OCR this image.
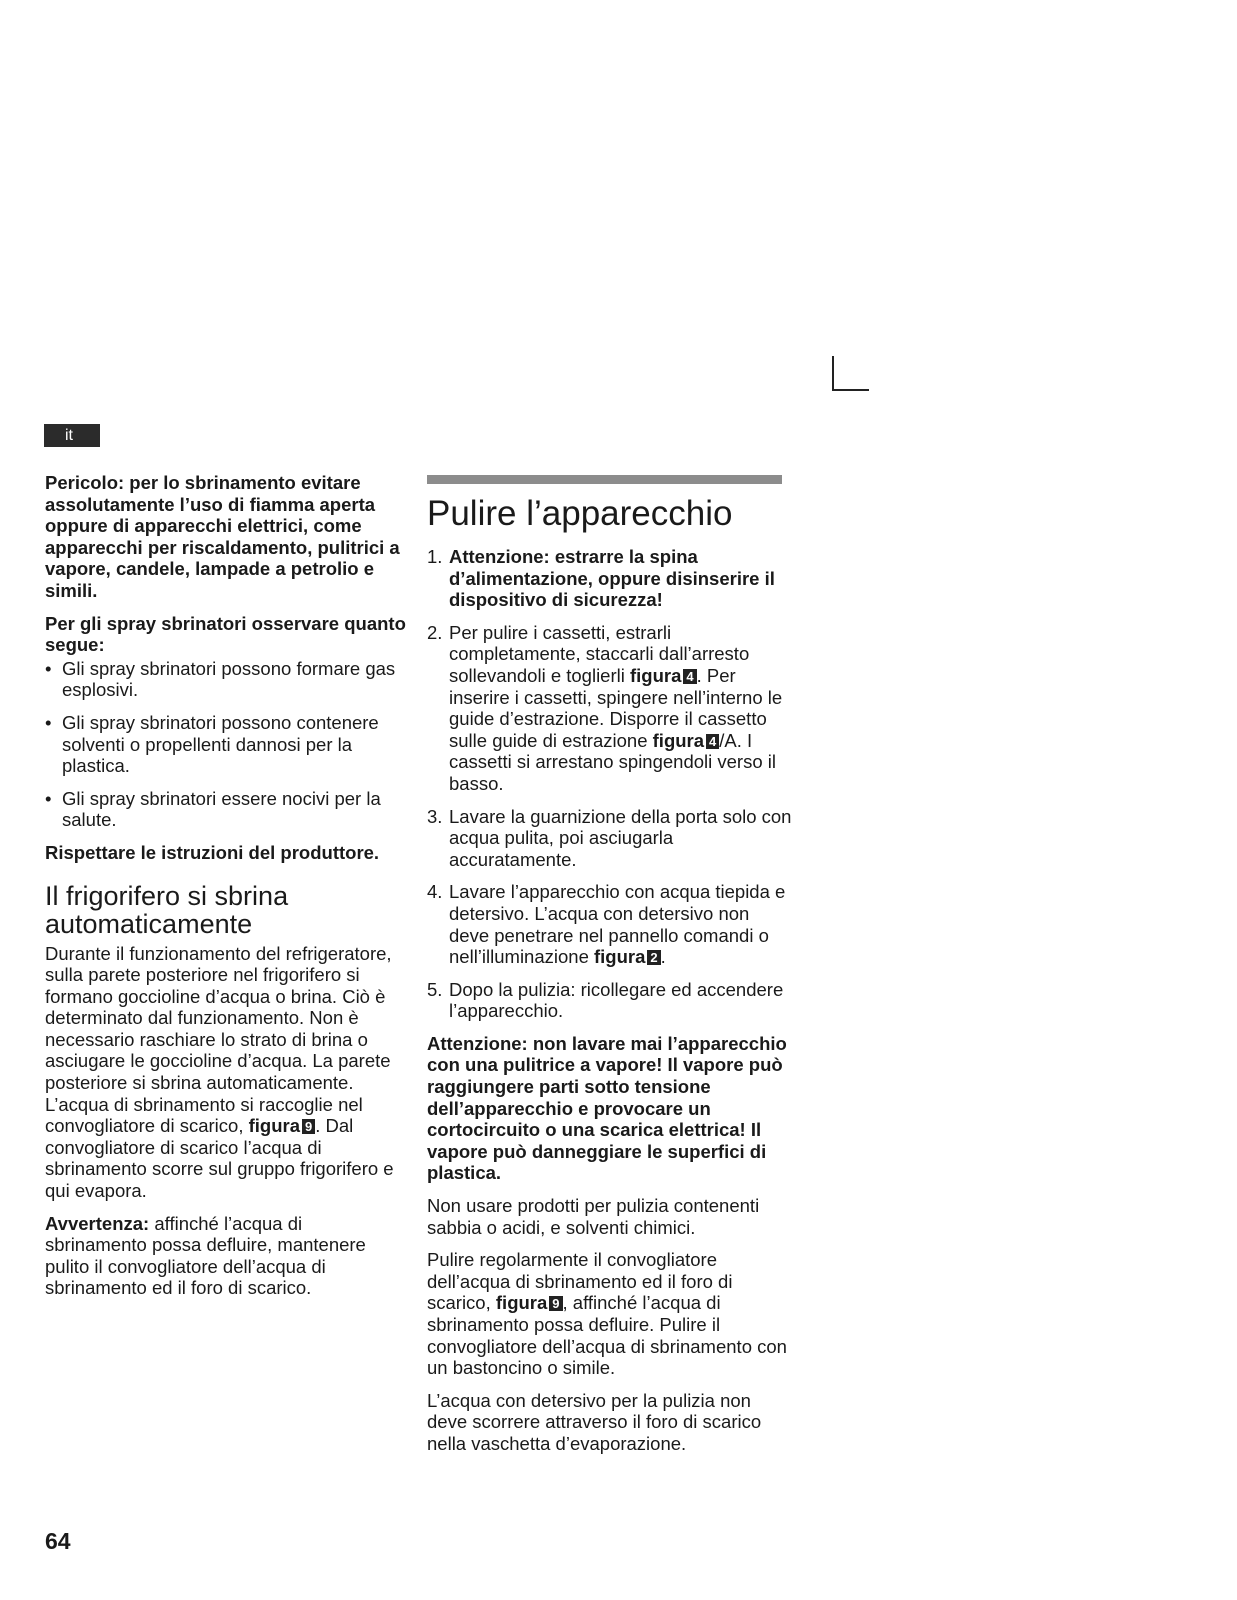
it

Pericolo: per lo sbrinamento evitare assolutamente l’uso di fiamma aperta oppure di apparecchi elettrici, come apparecchi per riscaldamento, pulitrici a vapore, candele, lampade a petrolio e simili.

Per gli spray sbrinatori osservare quanto segue:

• Gli spray sbrinatori possono formare gas esplosivi.
• Gli spray sbrinatori possono contenere solventi o propellenti dannosi per la plastica.
• Gli spray sbrinatori essere nocivi per la salute.

Rispettare le istruzioni del produttore.

Il frigorifero si sbrina automaticamente

Durante il funzionamento del refrigeratore, sulla parete posteriore nel frigorifero si formano goccioline d’acqua o brina. Ciò è determinato dal funzionamento. Non è necessario raschiare lo strato di brina o asciugare le goccioline d’acqua. La parete posteriore si sbrina automaticamente. L’acqua di sbrinamento si raccoglie nel convogliatore di scarico, figura 9 . Dal convogliatore di scarico l’acqua di sbrinamento scorre sul gruppo frigorifero e qui evapora.

Avvertenza: affinché l’acqua di sbrinamento possa defluire, mantenere pulito il convogliatore dell’acqua di sbrinamento ed il foro di scarico.

Pulire l’apparecchio
1. Attenzione: estrarre la spina d’alimentazione, oppure disinserire il dispositivo di sicurezza!
2. Per pulire i cassetti, estrarli completamente, staccarli dall’arresto sollevandoli e toglierli figura 4 . Per inserire i cassetti, spingere nell’interno le guide d’estrazione. Disporre il cassetto sulle guide di estrazione figura 4 /A. I cassetti si arrestano spingendoli verso il basso.
3. Lavare la guarnizione della porta solo con acqua pulita, poi asciugarla accuratamente.
4. Lavare l’apparecchio con acqua tiepida e detersivo. L’acqua con detersivo non deve penetrare nel pannello comandi o nell’illuminazione figura 2 .
5. Dopo la pulizia: ricollegare ed accendere l’apparecchio.

Attenzione: non lavare mai l’apparecchio con una pulitrice a vapore! Il vapore può raggiungere parti sotto tensione dell’apparecchio e provocare un cortocircuito o una scarica elettrica! Il vapore può danneggiare le superfici di plastica.

Non usare prodotti per pulizia contenenti sabbia o acidi, e solventi chimici.

Pulire regolarmente il convogliatore dell’acqua di sbrinamento ed il foro di scarico, figura 9 , affinché l’acqua di sbrinamento possa defluire. Pulire il convogliatore dell’acqua di sbrinamento con un bastoncino o simile.

L’acqua con detersivo per la pulizia non deve scorrere attraverso il foro di scarico nella vaschetta d’evaporazione.

64
